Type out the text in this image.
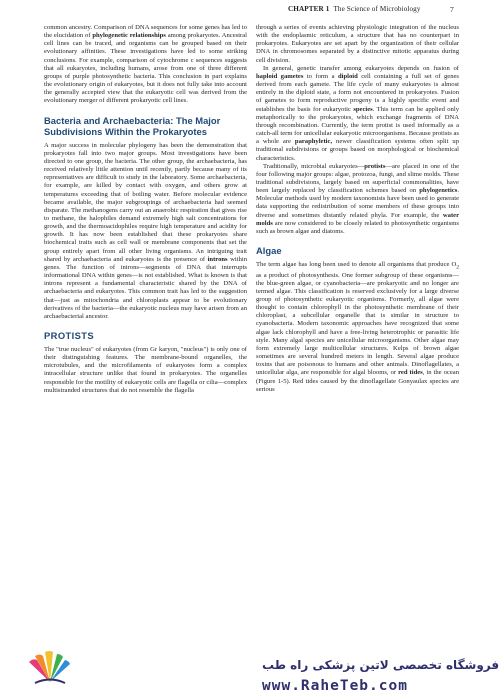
CHAPTER 1 The Science of Microbiology	7

common ancestry. Comparison of DNA sequences for some genes has led to the elucidation of phylogenetic relationships among prokaryotes. Ancestral cell lines can be traced, and organisms can be grouped based on their evolutionary affinities. These investigations have led to some striking conclusions. For example, comparison of cytochrome c sequences suggests that all eukaryotes, including humans, arose from one of three different groups of purple photosynthetic bacteria. This conclusion in part explains the evolutionary origin of eukaryotes, but it does not fully take into account the generally accepted view that the eukaryotic cell was derived from the evolutionary merger of different prokaryotic cell lines.

Bacteria and Archaebacteria: The Major Subdivisions Within the Prokaryotes

A major success in molecular phylogeny has been the demonstration that prokaryotes fall into two major groups. Most investigations have been directed to one group, the bacteria. The other group, the archaebacteria, has received relatively little attention until recently, partly because many of its representatives are difficult to study in the laboratory. Some archaebacteria, for example, are killed by contact with oxygen, and others grow at temperatures exceeding that of boiling water. Before molecular evidence became available, the major subgroupings of archaebacteria had seemed disparate. The methanogens carry out an anaerobic respiration that gives rise to methane, the halophiles demand extremely high salt concentrations for growth, and the thermoacidophiles require high temperature and acidity for growth. It has now been established that these prokaryotes share biochemical traits such as cell wall or membrane components that set the group entirely apart from all other living organisms. An intriguing trait shared by archaebacteria and eukaryotes is the presence of introns within genes. The function of introns—segments of DNA that interrupts informational DNA within genes—is not established. What is known is that introns represent a fundamental characteristic shared by the DNA of archaebacteria and eukaryotes. This common trait has led to the suggestion that—just as mitochondria and chloroplasts appear to be evolutionary derivatives of the bacteria—the eukaryotic nucleus may have arisen from an archaebacterial ancestor.

PROTISTS

The "true nucleus" of eukaryotes (from Gr karyon, "nucleus") is only one of their distinguishing features. The membrane-bound organelles, the microtubules, and the microfilaments of eukaryotes form a complex intracellular structure unlike that found in prokaryotes. The organelles responsible for the motility of eukaryotic cells are flagella or cilia—complex multistranded structures that do not resemble the flagella

through a series of events achieving physiologic integration of the nucleus with the endoplasmic reticulum, a structure that has no counterpart in prokaryotes. Eukaryotes are set apart by the organization of their cellular DNA in chromosomes separated by a distinctive mitotic apparatus during cell division.

In general, genetic transfer among eukaryotes depends on fusion of haploid gametes to form a diploid cell containing a full set of genes derived from each gamete. The life cycle of many eukaryotes is almost entirely in the diploid state, a form not encountered in prokaryotes. Fusion of gametes to form reproductive progeny is a highly specific event and establishes the basis for eukaryotic species. This term can be applied only metaphorically to the prokaryotes, which exchange fragments of DNA through recombination. Currently, the term protist is used informally as a catch-all term for unicellular eukaryotic microorganisms. Because protists as a whole are paraphyletic, newer classification systems often split up traditional subdivisions or groups based on morphological or biochemical characteristics.

Traditionally, microbial eukaryotes—protists—are placed in one of the four following major groups: algae, protozoa, fungi, and slime molds. These traditional subdivisions, largely based on superficial commonalities, have been largely replaced by classification schemes based on phylogenetics. Molecular methods used by modern taxonomists have been used to generate data supporting the redistribution of some members of these groups into diverse and sometimes distantly related phyla. For example, the water molds are now considered to be closely related to photosynthetic organisms such as brown algae and diatoms.

Algae

The term algae has long been used to denote all organisms that produce $O_2$ as a product of photosynthesis. One former subgroup of these organisms—the blue-green algae, or cyanobacteria—are prokaryotic and no longer are termed algae. This classification is reserved exclusively for a large diverse group of photosynthetic eukaryotic organisms. Formerly, all algae were thought to contain chlorophyll in the photosynthetic membrane of their chloroplast, a subcellular organelle that is similar in structure to cyanobacteria. Modern taxonomic approaches have recognized that some algae lack chlorophyll and have a free-living heterotrophic or parasitic life style. Many algal species are unicellular microorganisms. Other algae may form extremely large multicellular structures. Kelps of brown algae sometimes are several hundred meters in length. Several algae produce toxins that are poisonous to humans and other animals. Dinoflagellates, a unicellular alga, are responsible for algal blooms, or red tides, in the ocean (Figure 1-5). Red tides caused by the dinoflagellate Gonyaulax species are serious

فروشگاه تخصصی لاتین پزشکی راه طب
www.RaheTeb.com
